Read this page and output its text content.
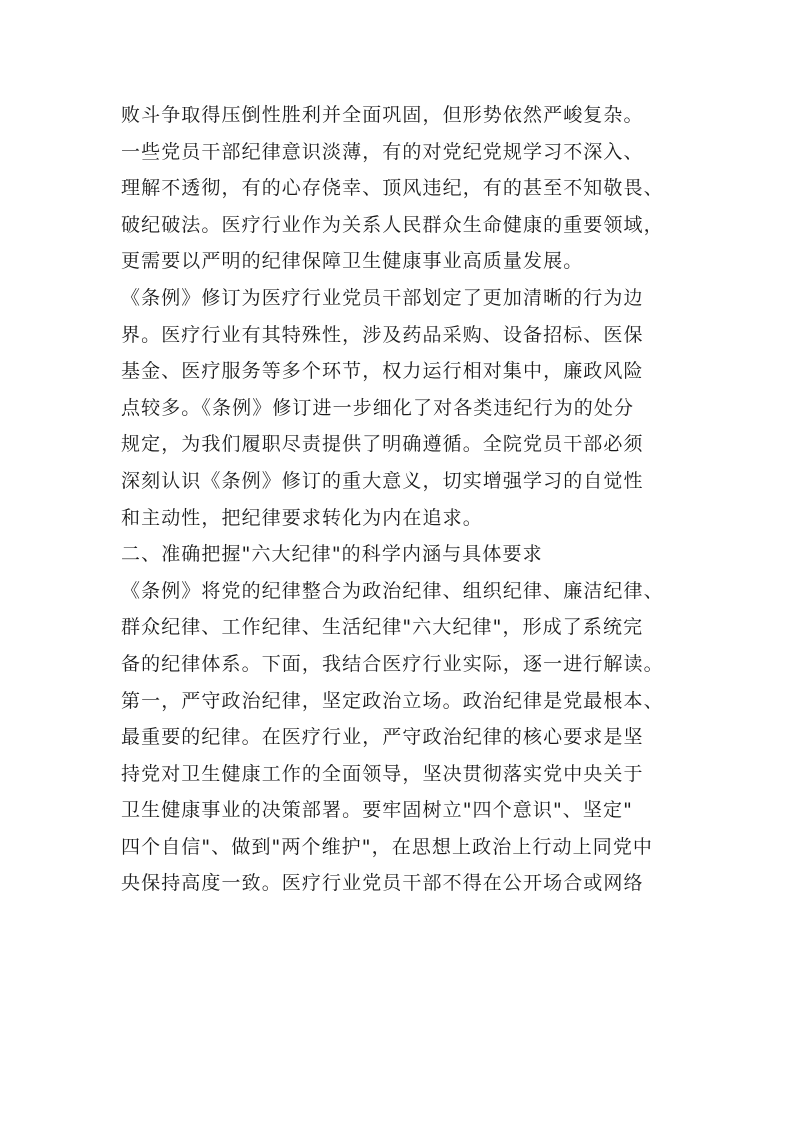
败斗争取得压倒性胜利并全面巩固，但形势依然严峻复杂。
一些党员干部纪律意识淡薄，有的对党纪党规学习不深入、
理解不透彻，有的心存侥幸、顶风违纪，有的甚至不知敬畏、
破纪破法。医疗行业作为关系人民群众生命健康的重要领域，
更需要以严明的纪律保障卫生健康事业高质量发展。
《条例》修订为医疗行业党员干部划定了更加清晰的行为边
界。医疗行业有其特殊性，涉及药品采购、设备招标、医保
基金、医疗服务等多个环节，权力运行相对集中，廉政风险
点较多。《条例》修订进一步细化了对各类违纪行为的处分
规定，为我们履职尽责提供了明确遵循。全院党员干部必须
深刻认识《条例》修订的重大意义，切实增强学习的自觉性
和主动性，把纪律要求转化为内在追求。
二、准确把握"六大纪律"的科学内涵与具体要求
《条例》将党的纪律整合为政治纪律、组织纪律、廉洁纪律、
群众纪律、工作纪律、生活纪律"六大纪律"，形成了系统完
备的纪律体系。下面，我结合医疗行业实际，逐一进行解读。
第一，严守政治纪律，坚定政治立场。政治纪律是党最根本、
最重要的纪律。在医疗行业，严守政治纪律的核心要求是坚
持党对卫生健康工作的全面领导，坚决贯彻落实党中央关于
卫生健康事业的决策部署。要牢固树立"四个意识"、坚定"
四个自信"、做到"两个维护"，在思想上政治上行动上同党中
央保持高度一致。医疗行业党员干部不得在公开场合或网络
